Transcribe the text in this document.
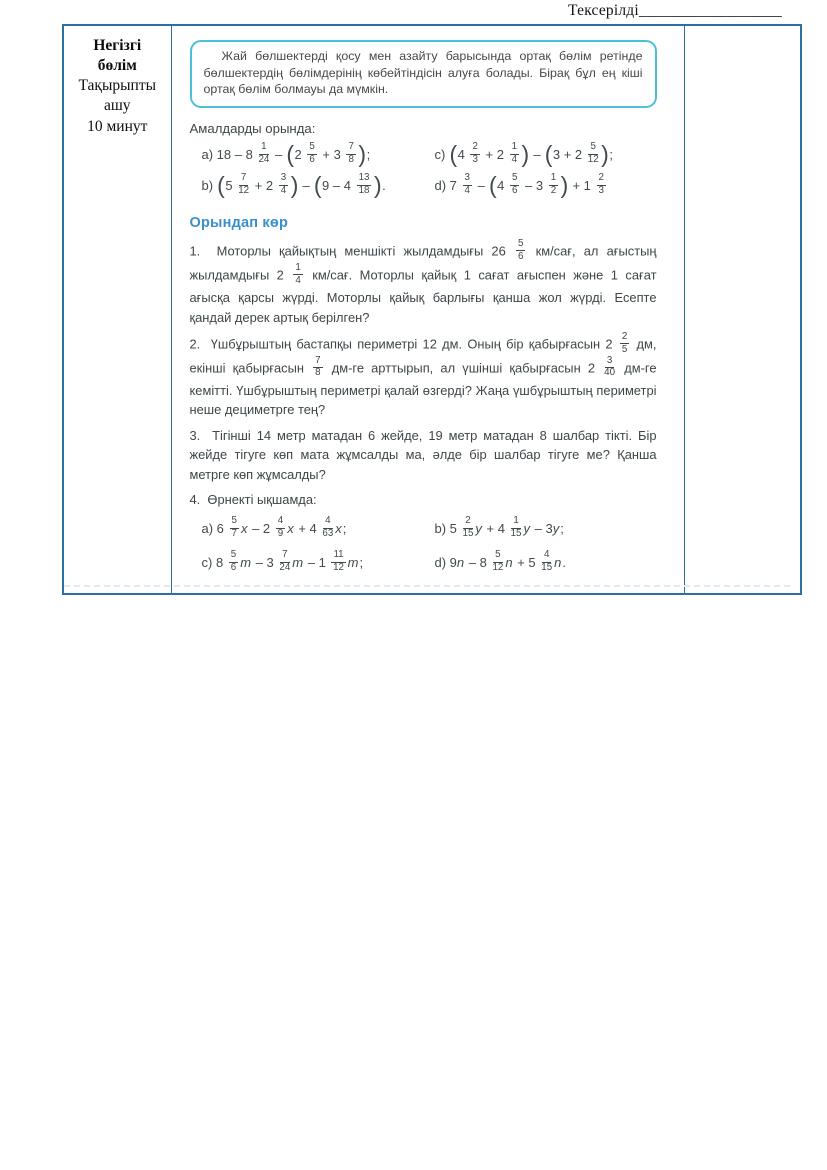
Тексерілді__________________
Негізгі
бөлім
Тақырыпты
ашу
10 минут

Жай бөлшектерді қосу мен азайту барысында ортақ бөлім ретінде бөлшектердің бөлімдерінің көбейтіндісін алуға болады. Бірақ бұл ең кіші ортақ бөлім болмауы да мүмкін.

Амалдарды орында:
a) $18 - 8 \frac{1}{24} - (2 \frac{5}{6} + 3 \frac{7}{8}$ );	c) ($4 \frac{2}{3} + 2 \frac{1}{4}$ ) – ($3 + 2 \frac{5}{12}$ );
b) ($5 \frac{7}{12} + 2 \frac{3}{4}$ ) – ($9 - 4 \frac{13}{18}$ ).	d) $7 \frac{3}{4} - (4 \frac{5}{6} - 3 \frac{1}{2}$ ) + $1 \frac{2}{3}$
Орындап көр

1.  Моторлы қайықтың меншікті жылдамдығы $26 \frac{5}{6} км/сағ$, ал ағыстың жылдамдығы $2 \frac{1}{4} км/сағ$. Моторлы қайық 1 сағат ағыспен және 1 сағат ағысқа қарсы жүрді. Моторлы қайық барлығы қанша жол жүрді. Есепте қандай дерек артық берілген?

2.  Үшбұрыштың бастапқы периметрі 12 дм. Оның бір қабырғасын $2 \frac{2}{5}$ дм, екінші қабырғасын $\frac{7}{8} дм-ге$ арттырып, ал үшінші қабырғасын $2 \frac{3}{40} дм-ге$ кемітті. Үшбұрыштың периметрі қалай өзгерді? Жаңа үшбұрыштың периметрі неше дециметрге тең?

3.  Тігінші 14 метр матадан 6 жейде, 19 метр матадан 8 шалбар тікті. Бір жейде тігуге көп мата жұмсалды ма, әлде бір шалбар тігуге ме? Қанша метрге көп жұмсалды?

4.  Өрнекті ықшамда:

a) $6 \frac{5}{7}$ x – $2 \frac{4}{9}$ $x + 4 \frac{4}{63} x$;	b) $5 \frac{2}{15}$ $y + 4 \frac{1}{15}$ y – 3y;
c) $8 \frac{5}{6}$ m – $3 \frac{7}{24}$ m – $1 \frac{11}{12} m$;	d) $9n - 8 \frac{5}{12}$ $n + 5 \frac{4}{15} n$.
